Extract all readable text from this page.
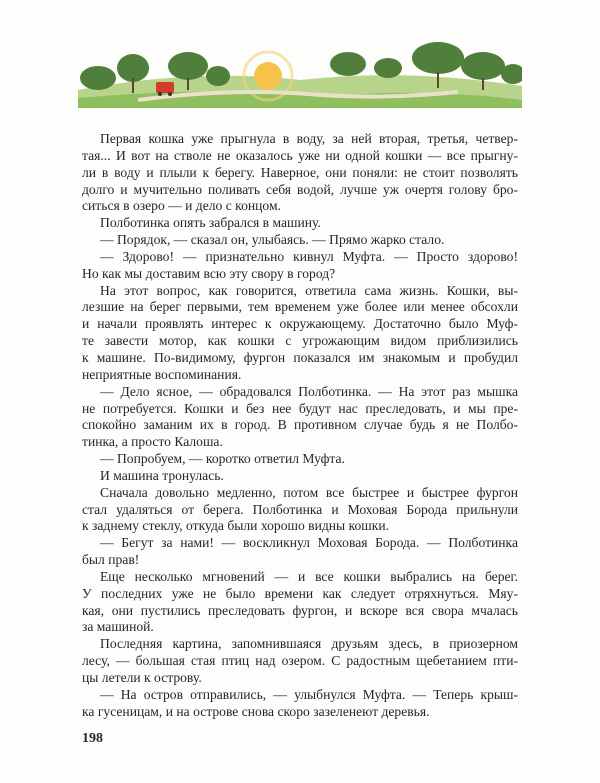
Первая кошка уже прыгнула в воду, за ней вторая, третья, четвер-
тая... И вот на стволе не оказалось уже ни одной кошки — все прыгну-
ли в воду и плыли к берегу. Наверное, они поняли: не стоит позволять
долго и мучительно поливать себя водой, лучше уж очертя голову бро-
ситься в озеро — и дело с концом.
Полботинка опять забрался в машину.
— Порядок, — сказал он, улыбаясь. — Прямо жарко стало.
— Здорово! — признательно кивнул Муфта. — Просто здорово!
Но как мы доставим всю эту свору в город?
На этот вопрос, как говорится, ответила сама жизнь. Кошки, вы-
лезшие на берег первыми, тем временем уже более или менее обсохли
и начали проявлять интерес к окружающему. Достаточно было Муф-
те завести мотор, как кошки с угрожающим видом приблизились
к машине. По-видимому, фургон показался им знакомым и пробудил
неприятные воспоминания.
— Дело ясное, — обрадовался Полботинка. — На этот раз мышка
не потребуется. Кошки и без нее будут нас преследовать, и мы пре-
спокойно заманим их в город. В противном случае будь я не Полбо-
тинка, а просто Калоша.
— Попробуем, — коротко ответил Муфта.
И машина тронулась.
Сначала довольно медленно, потом все быстрее и быстрее фургон
стал удаляться от берега. Полботинка и Моховая Борода прильнули
к заднему стеклу, откуда были хорошо видны кошки.
— Бегут за нами! — воскликнул Моховая Борода. — Полботинка
был прав!
Еще несколько мгновений — и все кошки выбрались на берег.
У последних уже не было времени как следует отряхнуться. Мяу-
кая, они пустились преследовать фургон, и вскоре вся свора мчалась
за машиной.
Последняя картина, запомнившаяся друзьям здесь, в приозерном
лесу, — большая стая птиц над озером. С радостным щебетанием пти-
цы летели к острову.
— На остров отправились, — улыбнулся Муфта. — Теперь крыш-
ка гусеницам, и на острове снова скоро зазеленеют деревья.
198
